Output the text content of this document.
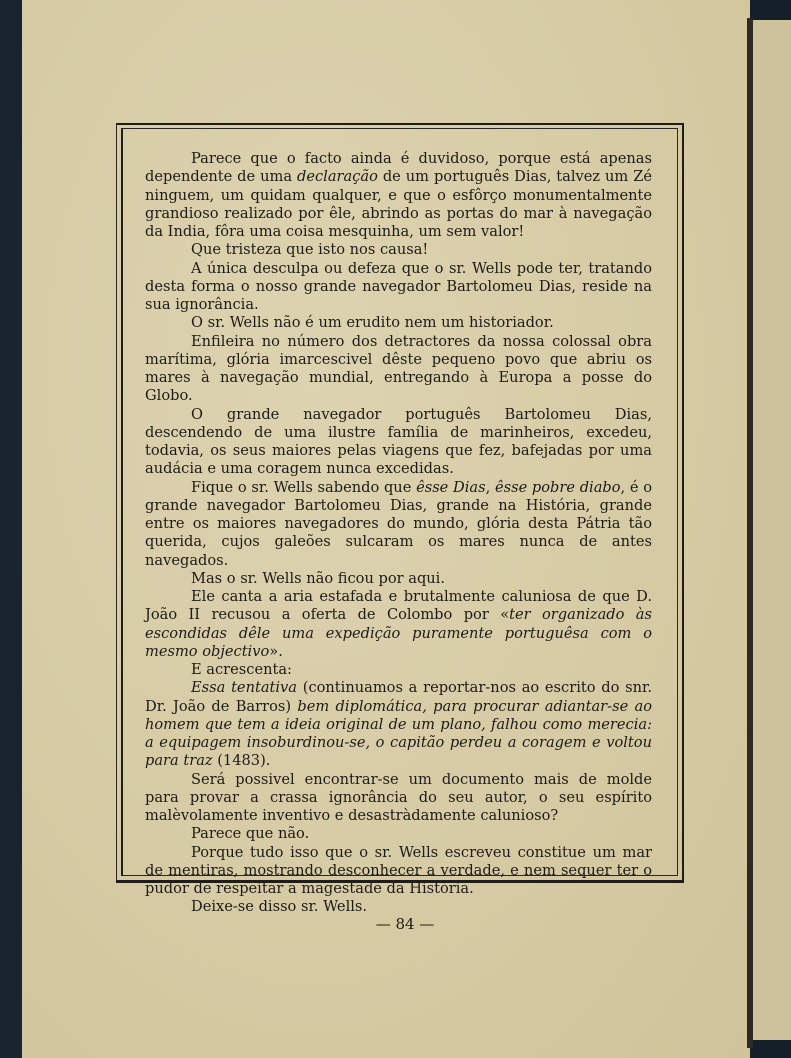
Parece que o facto ainda é duvidoso, porque está apenas dependente de uma declaração de um português Dias, talvez um Zé ninguem, um quidam qualquer, e que o esfôrço monumentalmente grandioso realizado por êle, abrindo as portas do mar à navegação da India, fôra uma coisa mesquinha, um sem valor!

Que tristeza que isto nos causa!

A única desculpa ou defeza que o sr. Wells pode ter, tratando desta forma o nosso grande navegador Bartolomeu Dias, reside na sua ignorância.

O sr. Wells não é um erudito nem um historiador.

Enfileira no número dos detractores da nossa colossal obra marítima, glória imarcescivel dêste pequeno povo que abriu os mares à navegação mundial, entregando à Europa a posse do Globo.

O grande navegador português Bartolomeu Dias, descendendo de uma ilustre família de marinheiros, excedeu, todavia, os seus maiores pelas viagens que fez, bafejadas por uma audácia e uma coragem nunca excedidas.

Fique o sr. Wells sabendo que êsse Dias, êsse pobre diabo, é o grande navegador Bartolomeu Dias, grande na História, grande entre os maiores navegadores do mundo, glória desta Pátria tão querida, cujos galeões sulcaram os mares nunca de antes navegados.

Mas o sr. Wells não ficou por aqui.

Ele canta a aria estafada e brutalmente caluniosa de que D. João II recusou a oferta de Colombo por «ter organizado às escondidas dêle uma expedição puramente portuguêsa com o mesmo objectivo».

E acrescenta:

Essa tentativa (continuamos a reportar-nos ao escrito do snr. Dr. João de Barros) bem diplomática, para procurar adiantar-se ao homem que tem a ideia original de um plano, falhou como merecia: a equipagem insoburdinou-se, o capitão perdeu a coragem e voltou para traz (1483).

Será possivel encontrar-se um documento mais de molde para provar a crassa ignorância do seu autor, o seu espírito malèvolamente inventivo e desastràdamente calunioso?

Parece que não.

Porque tudo isso que o sr. Wells escreveu constitue um mar de mentiras, mostrando desconhecer a verdade, e nem sequer ter o pudor de respeitar a magestade da História.

Deixe-se disso sr. Wells.

— 84 —
